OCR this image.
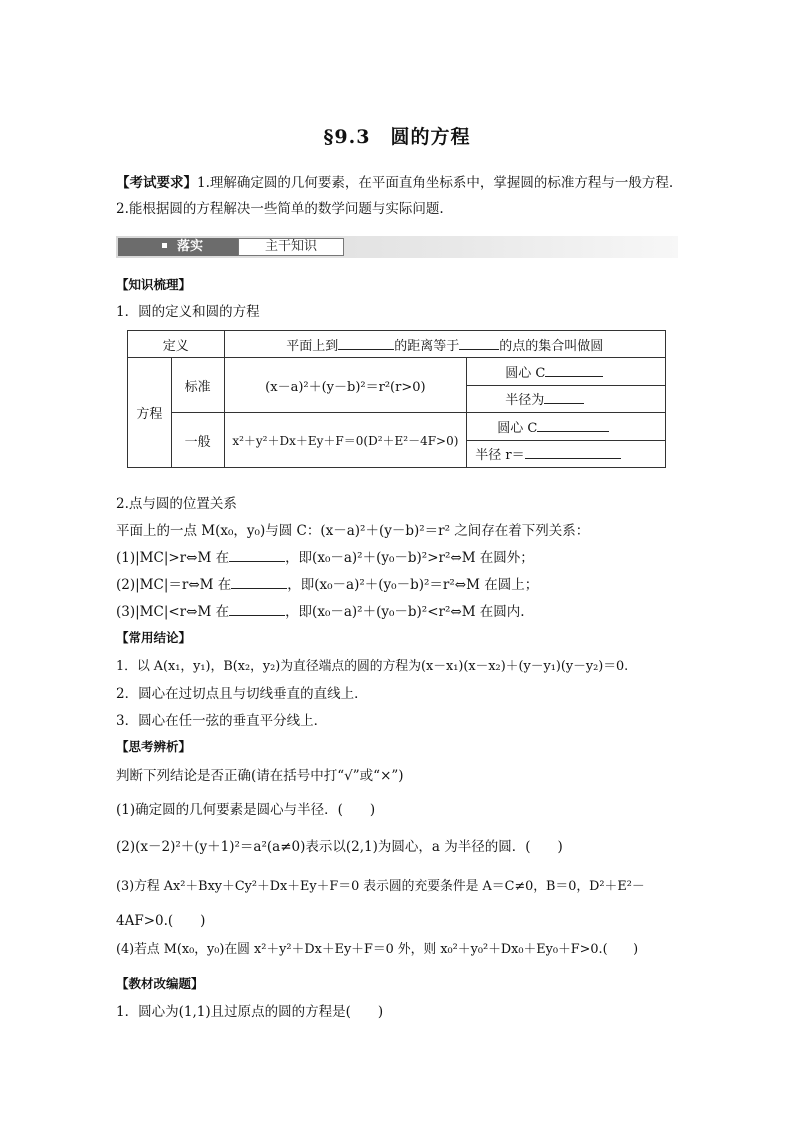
§9.3　圆的方程
【考试要求】1.理解确定圆的几何要素，在平面直角坐标系中，掌握圆的标准方程与一般方程.
2.能根据圆的方程解决一些简单的数学问题与实际问题.
落实	主干知识
【知识梳理】
1．圆的定义和圆的方程
定义		平面上到 的距离等于 的点的集合叫做圆	
方程	标准	(x－a)²＋(y－b)²＝r²(r>0)	圆心 C
			半径为
	一般	x²＋y²＋Dx＋Ey＋F＝0(D²＋E²－4F>0)	圆心 C
			半径 r＝
2.点与圆的位置关系
平面上的一点 M(x₀，y₀)与圆 C：(x－a)²＋(y－b)²＝r² 之间存在着下列关系：
(1)|MC|>r⇔M 在	，即(x₀－a)²＋(y₀－b)²>r²⇔M 在圆外；
(2)|MC|＝r⇔M 在	，即(x₀－a)²＋(y₀－b)²＝r²⇔M 在圆上；
(3)|MC|<r⇔M 在	，即(x₀－a)²＋(y₀－b)²<r²⇔M 在圆内.
【常用结论】
1．以 A(x₁，y₁)，B(x₂，y₂)为直径端点的圆的方程为(x－x₁)(x－x₂)＋(y－y₁)(y－y₂)＝0.
2．圆心在过切点且与切线垂直的直线上．
3．圆心在任一弦的垂直平分线上．
【思考辨析】
判断下列结论是否正确(请在括号中打“√”或“×”)
(1)确定圆的几何要素是圆心与半径．(　　)
(2)(x－2)²＋(y＋1)²＝a²(a≠0)表示以(2,1)为圆心，a 为半径的圆．(　　)
(3)方程 Ax²＋Bxy＋Cy²＋Dx＋Ey＋F＝0 表示圆的充要条件是 A＝C≠0，B＝0，D²＋E²－
4AF>0.(　　)
(4)若点 M(x₀，y₀)在圆 x²＋y²＋Dx＋Ey＋F＝0 外，则 x₀²＋y₀²＋Dx₀＋Ey₀＋F>0.(　　)
【教材改编题】
1．圆心为(1,1)且过原点的圆的方程是(　　)
